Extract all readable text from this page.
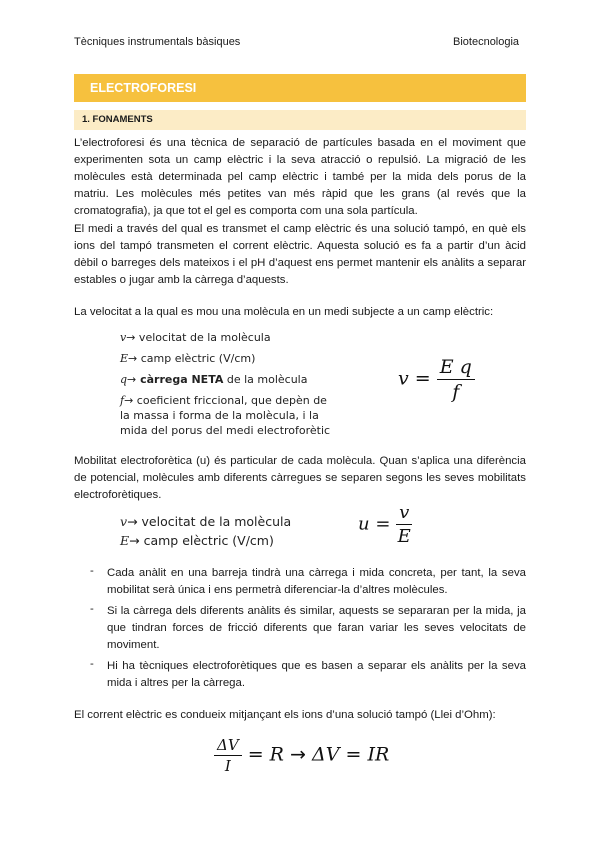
Tècniques instrumentals bàsiques	Biotecnologia
ELECTROFORESI
1. FONAMENTS
L’electroforesi és una tècnica de separació de partícules basada en el moviment que experimenten sota un camp elèctric i la seva atracció o repulsió. La migració de les molècules està determinada pel camp elèctric i també per la mida dels porus de la matriu. Les molècules més petites van més ràpid que les grans (al revés que la cromatografia), ja que tot el gel es comporta com una sola partícula.
El medi a través del qual es transmet el camp elèctric és una solució tampó, en què els ions del tampó transmeten el corrent elèctric. Aquesta solució es fa a partir d’un àcid dèbil o barreges dels mateixos i el pH d’aquest ens permet mantenir els anàlits a separar estables o jugar amb la càrrega d’aquests.
La velocitat a la qual es mou una molècula en un medi subjecte a un camp elèctric:
v→ velocitat de la molècula
E→ camp elèctric (V/cm)
q→ càrrega NETA de la molècula
f→ coeficient friccional, que depèn de
la massa i forma de la molècula, i la
mida del porus del medi electroforètic
$v = \frac{\text{E q}}{f}$
Mobilitat electroforètica (u) és particular de cada molècula. Quan s’aplica una diferència de potencial, molècules amb diferents càrregues se separen segons les seves mobilitats electroforètiques.
v→ velocitat de la molècula
E→ camp elèctric (V/cm)
$u = \frac{v}{E}$
- Cada anàlit en una barreja tindrà una càrrega i mida concreta, per tant, la seva mobilitat serà única i ens permetrà diferenciar-la d’altres molècules.
- Si la càrrega dels diferents anàlits és similar, aquests se separaran per la mida, ja que tindran forces de fricció diferents que faran variar les seves velocitats de moviment.
- Hi ha tècniques electroforètiques que es basen a separar els anàlits per la seva mida i altres per la càrrega.
El corrent elèctric es condueix mitjançant els ions d’una solució tampó (Llei d’Ohm):
$\frac{\Delta V}{I} = R \to \Delta V$ = IR
